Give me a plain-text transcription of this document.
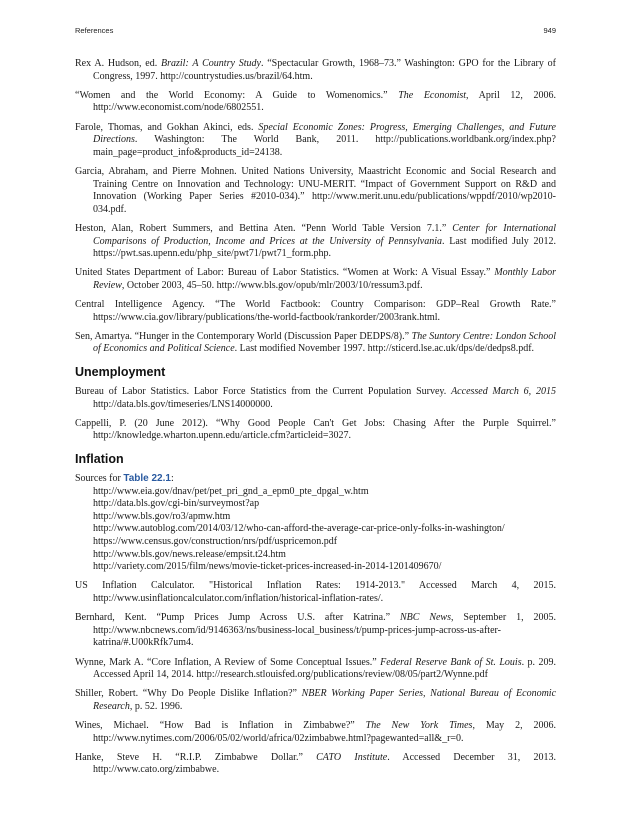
References	949

Rex A. Hudson, ed. Brazil: A Country Study. “Spectacular Growth, 1968–73.” Washington: GPO for the Library of Congress, 1997. http://countrystudies.us/brazil/64.htm.

“Women and the World Economy: A Guide to Womenomics.” The Economist, April 12, 2006. http://www.economist.com/node/6802551.

Farole, Thomas, and Gokhan Akinci, eds. Special Economic Zones: Progress, Emerging Challenges, and Future Directions. Washington: The World Bank, 2011. http://publications.worldbank.org/index.php?main_page=product_info&products_id=24138.

Garcia, Abraham, and Pierre Mohnen. United Nations University, Maastricht Economic and Social Research and Training Centre on Innovation and Technology: UNU-MERIT. “Impact of Government Support on R&D and Innovation (Working Paper Series #2010-034).” http://www.merit.unu.edu/publications/wppdf/2010/wp2010-034.pdf.

Heston, Alan, Robert Summers, and Bettina Aten. “Penn World Table Version 7.1.” Center for International Comparisons of Production, Income and Prices at the University of Pennsylvania. Last modified July 2012. https://pwt.sas.upenn.edu/php_site/pwt71/pwt71_form.php.

United States Department of Labor: Bureau of Labor Statistics. “Women at Work: A Visual Essay.” Monthly Labor Review, October 2003, 45–50. http://www.bls.gov/opub/mlr/2003/10/ressum3.pdf.

Central Intelligence Agency. “The World Factbook: Country Comparison: GDP–Real Growth Rate.” https://www.cia.gov/library/publications/the-world-factbook/rankorder/2003rank.html.

Sen, Amartya. “Hunger in the Contemporary World (Discussion Paper DEDPS/8).” The Suntory Centre: London School of Economics and Political Science. Last modified November 1997. http://sticerd.lse.ac.uk/dps/de/dedps8.pdf.

Unemployment

Bureau of Labor Statistics. Labor Force Statistics from the Current Population Survey. Accessed March 6, 2015 http://data.bls.gov/timeseries/LNS14000000.

Cappelli, P. (20 June 2012). “Why Good People Can't Get Jobs: Chasing After the Purple Squirrel.” http://knowledge.wharton.upenn.edu/article.cfm?articleid=3027.

Inflation

Sources for Table 22.1:

http://www.eia.gov/dnav/pet/pet_pri_gnd_a_epm0_pte_dpgal_w.htm
http://data.bls.gov/cgi-bin/surveymost?ap
http://www.bls.gov/ro3/apmw.htm
http://www.autoblog.com/2014/03/12/who-can-afford-the-average-car-price-only-folks-in-washington/
https://www.census.gov/construction/nrs/pdf/uspricemon.pdf
http://www.bls.gov/news.release/empsit.t24.htm
http://variety.com/2015/film/news/movie-ticket-prices-increased-in-2014-1201409670/

US Inflation Calculator. "Historical Inflation Rates: 1914-2013." Accessed March 4, 2015. http://www.usinflationcalculator.com/inflation/historical-inflation-rates/.

Bernhard, Kent. “Pump Prices Jump Across U.S. after Katrina.” NBC News, September 1, 2005. http://www.nbcnews.com/id/9146363/ns/business-local_business/t/pump-prices-jump-across-us-after-katrina/#.U00kRfk7um4.

Wynne, Mark A. “Core Inflation, A Review of Some Conceptual Issues.” Federal Reserve Bank of St. Louis. p. 209. Accessed April 14, 2014. http://research.stlouisfed.org/publications/review/08/05/part2/Wynne.pdf

Shiller, Robert. “Why Do People Dislike Inflation?” NBER Working Paper Series, National Bureau of Economic Research, p. 52. 1996.

Wines, Michael. “How Bad is Inflation in Zimbabwe?” The New York Times, May 2, 2006. http://www.nytimes.com/2006/05/02/world/africa/02zimbabwe.html?pagewanted=all&_r=0.

Hanke, Steve H. “R.I.P. Zimbabwe Dollar.” CATO Institute. Accessed December 31, 2013. http://www.cato.org/zimbabwe.
